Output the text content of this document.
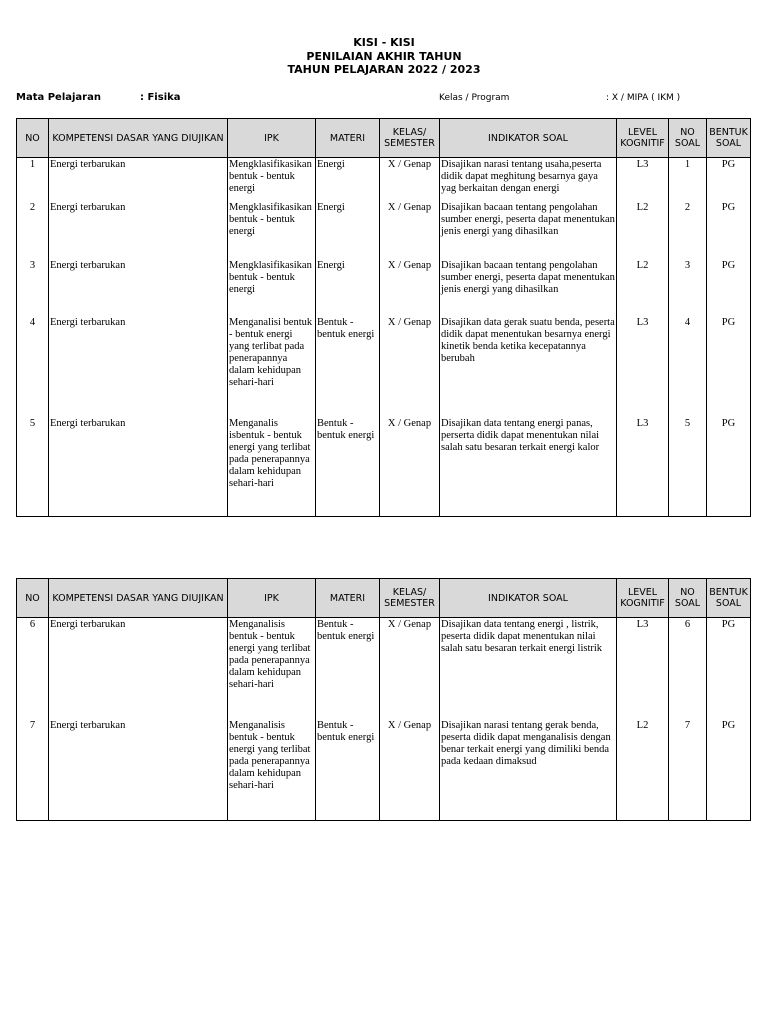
KISI - KISI
PENILAIAN AKHIR TAHUN
TAHUN PELAJARAN 2022 / 2023
Mata Pelajaran	: Fisika	Kelas / Program	: X / MIPA ( IKM )
NO	KOMPETENSI DASAR YANG DIUJIKAN	IPK	MATERI	KELAS/ SEMESTER	INDIKATOR SOAL	LEVEL KOGNITIF	NO SOAL	BENTUK SOAL
1	Energi terbarukan	Mengklasifikasikan bentuk - bentuk energi	Energi	X / Genap	Disajikan narasi tentang usaha,peserta didik dapat meghitung besarnya gaya yag berkaitan dengan energi	L3	1	PG
2	Energi terbarukan	Mengklasifikasikan bentuk - bentuk energi	Energi	X / Genap	Disajikan bacaan tentang pengolahan sumber energi, peserta dapat menentukan jenis energi yang dihasilkan	L2	2	PG
3	Energi terbarukan	Mengklasifikasikan bentuk - bentuk energi	Energi	X / Genap	Disajikan bacaan tentang pengolahan sumber energi, peserta dapat menentukan jenis energi yang dihasilkan	L2	3	PG
4	Energi terbarukan	Menganalisi bentuk - bentuk energi yang terlibat pada penerapannya dalam kehidupan sehari-hari	Bentuk - bentuk energi	X / Genap	Disajikan data gerak suatu benda, peserta didik dapat menentukan besarnya energi kinetik benda ketika kecepatannya berubah	L3	4	PG
5	Energi terbarukan	Menganalis isbentuk - bentuk energi yang terlibat pada penerapannya dalam kehidupan sehari-hari	Bentuk - bentuk energi	X / Genap	Disajikan data tentang energi panas, perserta didik dapat menentukan nilai salah satu besaran terkait energi kalor	L3	5	PG
NO	KOMPETENSI DASAR YANG DIUJIKAN	IPK	MATERI	KELAS/ SEMESTER	INDIKATOR SOAL	LEVEL KOGNITIF	NO SOAL	BENTUK SOAL
6	Energi terbarukan	Menganalisis bentuk - bentuk energi yang terlibat pada penerapannya dalam kehidupan sehari-hari	Bentuk - bentuk energi	X / Genap	Disajikan data tentang energi , listrik, peserta didik dapat menentukan nilai salah satu besaran terkait energi listrik	L3	6	PG
7	Energi terbarukan	Menganalisis bentuk - bentuk energi yang terlibat pada penerapannya dalam kehidupan sehari-hari	Bentuk - bentuk energi	X / Genap	Disajikan narasi tentang gerak benda, peserta didik dapat menganalisis dengan benar terkait energi yang dimiliki benda pada kedaan dimaksud	L2	7	PG
